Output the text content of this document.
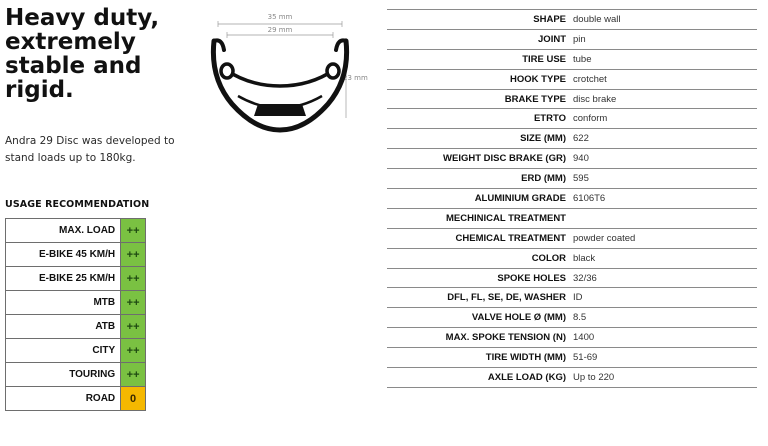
Heavy duty,
extremely
stable and
rigid.
Andra 29 Disc was developed to stand loads up to 180kg.
USAGE RECOMMENDATION
MAX. LOAD	++
E-BIKE 45 KM/H	++
E-BIKE 25 KM/H	++
MTB	++
ATB	++
CITY	++
TOURING	++
ROAD	0
35 mm
29 mm
23 mm
SHAPE	double wall
JOINT	pin
TIRE USE	tube
HOOK TYPE	crotchet
BRAKE TYPE	disc brake
ETRTO	conform
SIZE (MM)	622
WEIGHT DISC BRAKE (GR)	940
ERD (MM)	595
ALUMINIUM GRADE	6106T6
MECHINICAL TREATMENT	
CHEMICAL TREATMENT	powder coated
COLOR	black
SPOKE HOLES	32/36
DFL, FL, SE, DE, WASHER	ID
VALVE HOLE Ø (MM)	8.5
MAX. SPOKE TENSION (N)	1400
TIRE WIDTH (MM)	51-69
AXLE LOAD (KG)	Up to 220
